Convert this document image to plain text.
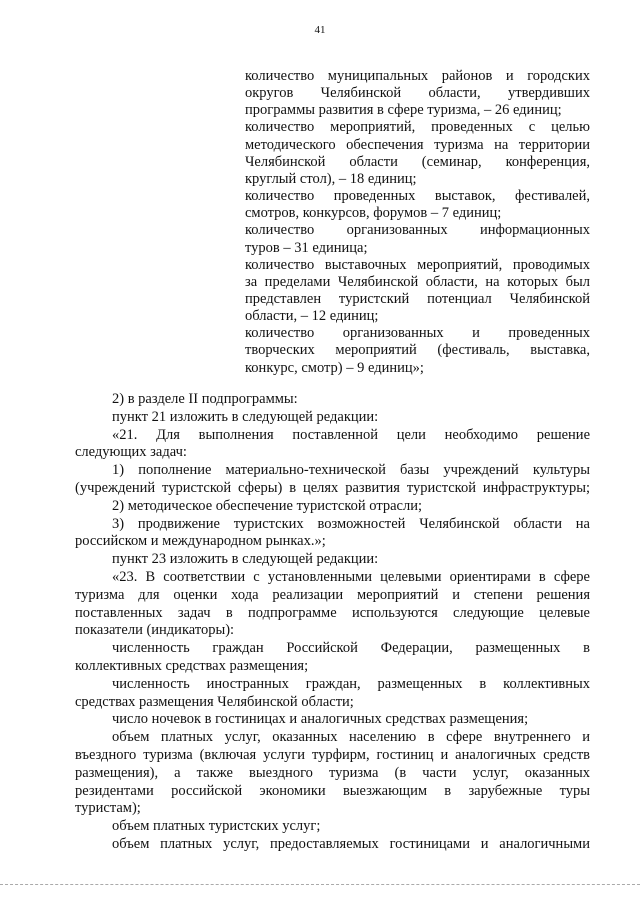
41
количество муниципальных районов и городских
округов Челябинской области, утвердивших
программы развития в сфере туризма, – 26 единиц;
количество мероприятий, проведенных с целью
методического обеспечения туризма на территории
Челябинской области (семинар, конференция,
круглый стол), – 18 единиц;
количество проведенных выставок, фестивалей,
смотров, конкурсов, форумов – 7 единиц;
количество организованных информационных
туров – 31 единица;
количество выставочных мероприятий, проводимых
за пределами Челябинской области, на которых был
представлен туристский потенциал Челябинской
области, – 12 единиц;
количество организованных и проведенных
творческих мероприятий (фестиваль, выставка,
конкурс, смотр) – 9 единиц»;
2) в разделе II подпрограммы:
пункт 21 изложить в следующей редакции:
«21. Для выполнения поставленной цели необходимо решение
следующих задач:
1) пополнение материально-технической базы учреждений культуры
(учреждений туристской сферы) в целях развития туристской инфраструктуры;
2) методическое обеспечение туристской отрасли;
3) продвижение туристских возможностей Челябинской области на
российском и международном рынках.»;
пункт 23 изложить в следующей редакции:
«23. В соответствии с установленными целевыми ориентирами в сфере
туризма для оценки хода реализации мероприятий и степени решения
поставленных задач в подпрограмме используются следующие целевые
показатели (индикаторы):
численность граждан Российской Федерации, размещенных в
коллективных средствах размещения;
численность иностранных граждан, размещенных в коллективных
средствах размещения Челябинской области;
число ночевок в гостиницах и аналогичных средствах размещения;
объем платных услуг, оказанных населению в сфере внутреннего и
въездного туризма (включая услуги турфирм, гостиниц и аналогичных средств
размещения), а также выездного туризма (в части услуг, оказанных
резидентами российской экономики выезжающим в зарубежные туры
туристам);
объем платных туристских услуг;
объем платных услуг, предоставляемых гостиницами и аналогичными
